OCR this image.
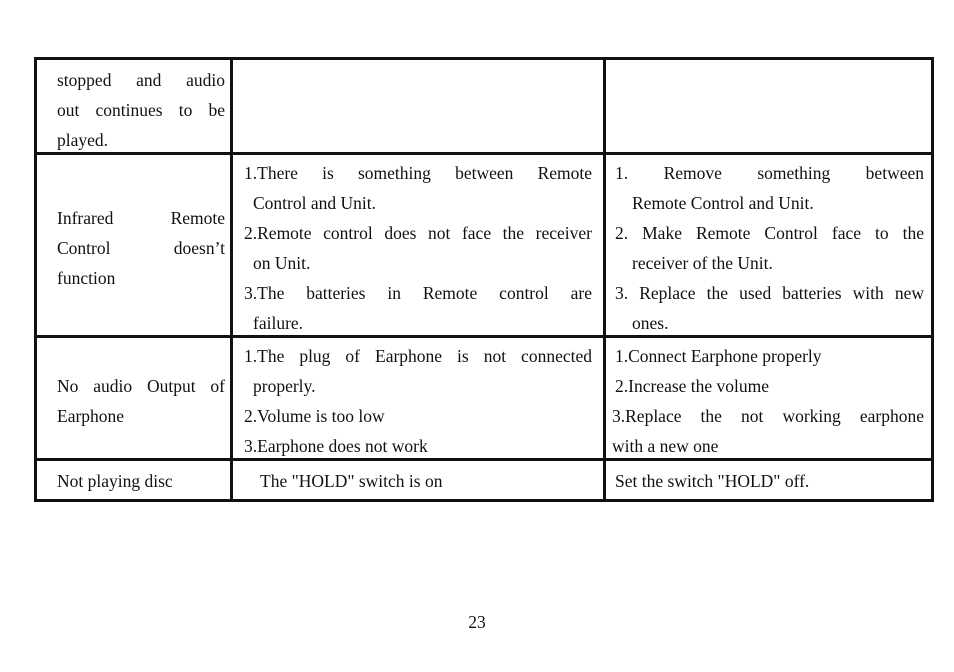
stopped and audio
out continues to be
played.
Infrared Remote
Control doesn’t
function
1.There is something between Remote
Control and Unit.
2.Remote control does not face the receiver
on Unit.
3.The batteries in Remote control are
failure.
1. Remove something between
Remote Control and Unit.
2. Make Remote Control face to the
receiver of the Unit.
3. Replace the used batteries with new
ones.
No audio Output of
Earphone
1.The plug of Earphone is not connected
properly.
2.Volume is too low
3.Earphone does not work
1.Connect Earphone properly
2.Increase the volume
3.Replace the not working earphone
with a new one
Not playing disc	The "HOLD" switch is on	Set the switch "HOLD" off.
23
